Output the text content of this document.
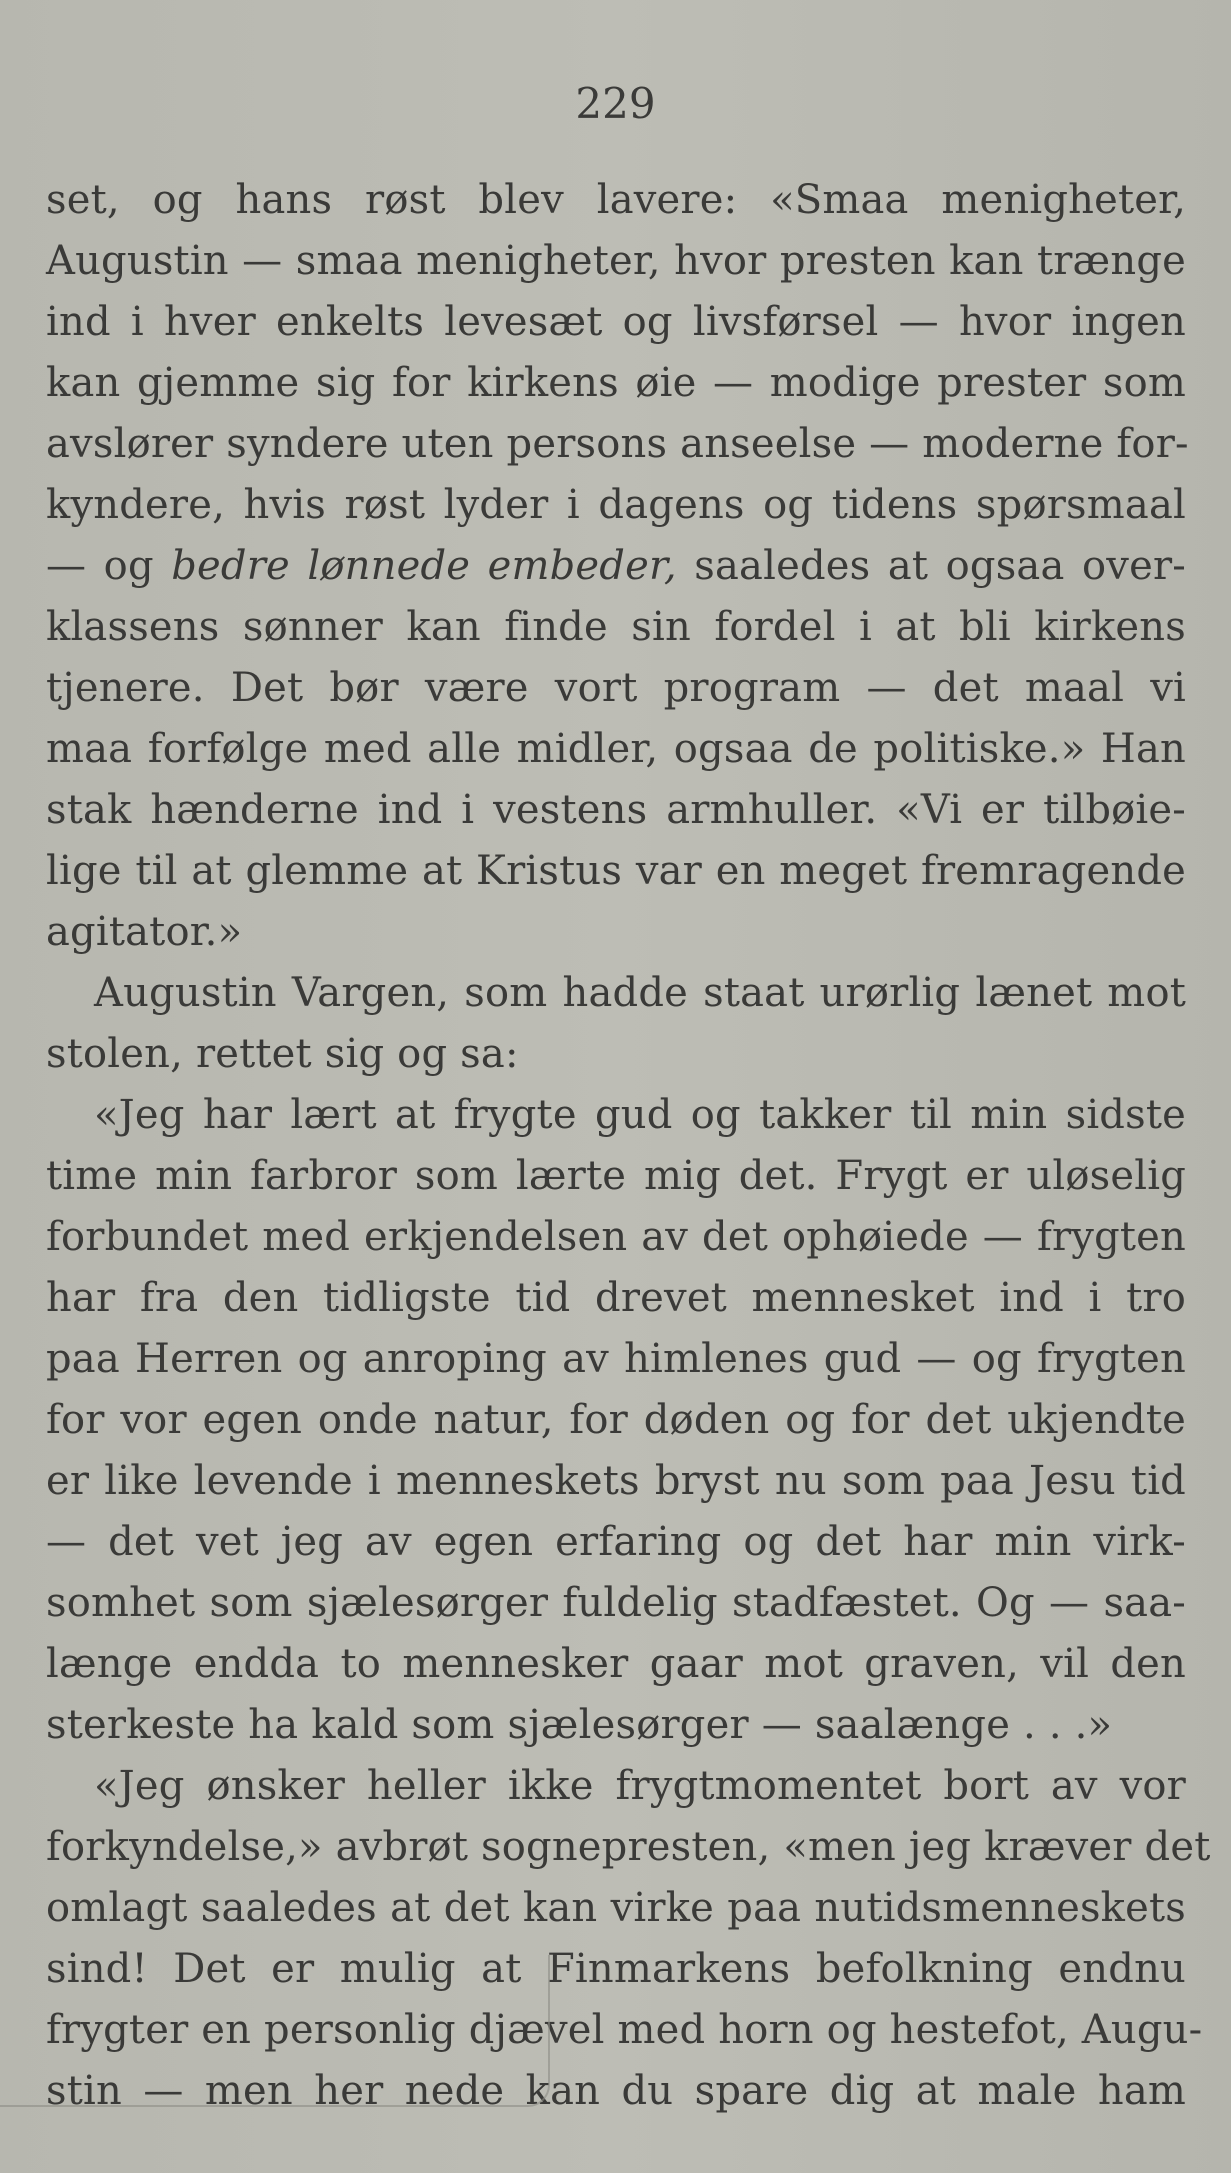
229
set, og hans røst blev lavere: «Smaa menigheter,
Augustin — smaa menigheter, hvor presten kan trænge
ind i hver enkelts levesæt og livsførsel — hvor ingen
kan gjemme sig for kirkens øie — modige prester som
avslører syndere uten persons anseelse — moderne for-
kyndere, hvis røst lyder i dagens og tidens spørsmaal
— og bedre lønnede embeder, saaledes at ogsaa over-
klassens sønner kan finde sin fordel i at bli kirkens
tjenere. Det bør være vort program — det maal vi
maa forfølge med alle midler, ogsaa de politiske.» Han
stak hænderne ind i vestens armhuller. «Vi er tilbøie-
lige til at glemme at Kristus var en meget fremragende
agitator.»
Augustin Vargen, som hadde staat urørlig lænet mot
stolen, rettet sig og sa:
«Jeg har lært at frygte gud og takker til min sidste
time min farbror som lærte mig det. Frygt er uløselig
forbundet med erkjendelsen av det ophøiede — frygten
har fra den tidligste tid drevet mennesket ind i tro
paa Herren og anroping av himlenes gud — og frygten
for vor egen onde natur, for døden og for det ukjendte
er like levende i menneskets bryst nu som paa Jesu tid
— det vet jeg av egen erfaring og det har min virk-
somhet som sjælesørger fuldelig stadfæstet. Og — saa-
længe endda to mennesker gaar mot graven, vil den
sterkeste ha kald som sjælesørger — saalænge . . .»
«Jeg ønsker heller ikke frygtmomentet bort av vor
forkyndelse,» avbrøt sognepresten, «men jeg kræver det
omlagt saaledes at det kan virke paa nutidsmenneskets
sind! Det er mulig at Finmarkens befolkning endnu
frygter en personlig djævel med horn og hestefot, Augu-
stin — men her nede kan du spare dig at male ham
